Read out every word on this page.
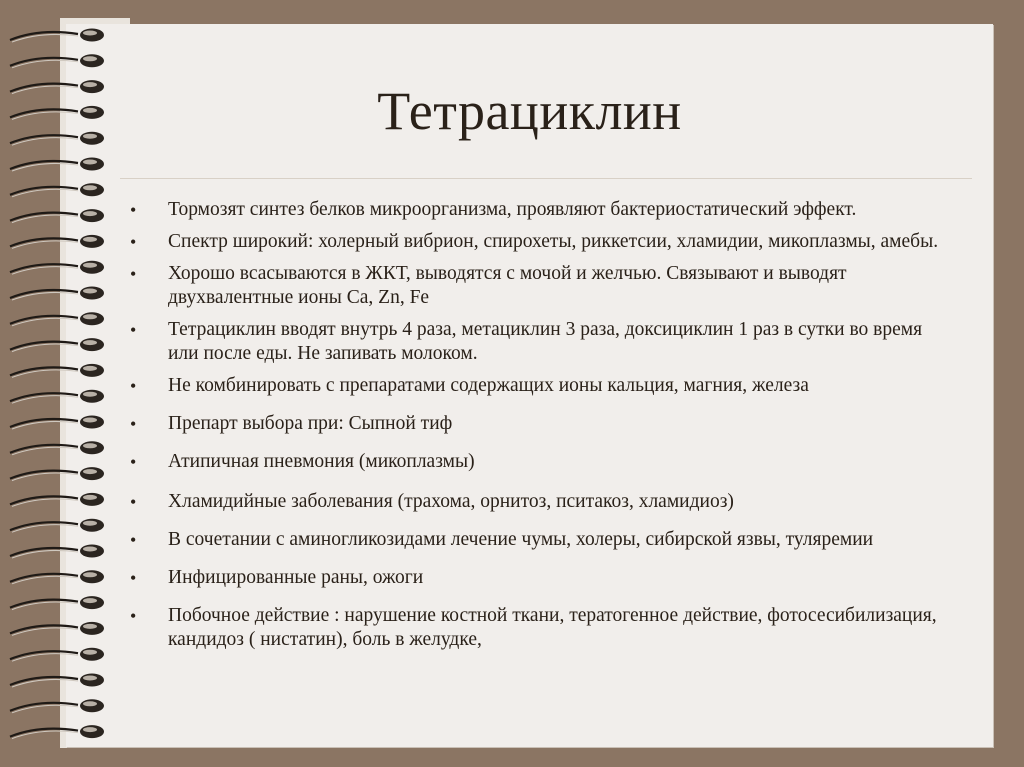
Тетрациклин
• Тормозят синтез белков микроорганизма, проявляют бактериостатический эффект.
• Спектр широкий: холерный вибрион, спирохеты, риккетсии, хламидии, микоплазмы, амебы.
• Хорошо всасываются в ЖКТ, выводятся с мочой и желчью. Связывают и выводят двухвалентные ионы Ca, Zn, Fe
• Тетрациклин вводят внутрь 4 раза, метациклин 3 раза, доксициклин 1 раз в сутки во время или после еды. Не запивать молоком.
• Не комбинировать с препаратами содержащих ионы кальция, магния, железа
• Препарт выбора при: Сыпной тиф
• Атипичная пневмония (микоплазмы)
• Хламидийные заболевания (трахома, орнитоз, пситакоз, хламидиоз)
• В сочетании с аминогликозидами лечение чумы, холеры, сибирской язвы, туляремии
• Инфицированные раны, ожоги
• Побочное действие : нарушение костной ткани, тератогенное действие, фотосесибилизация, кандидоз ( нистатин), боль в желудке,
